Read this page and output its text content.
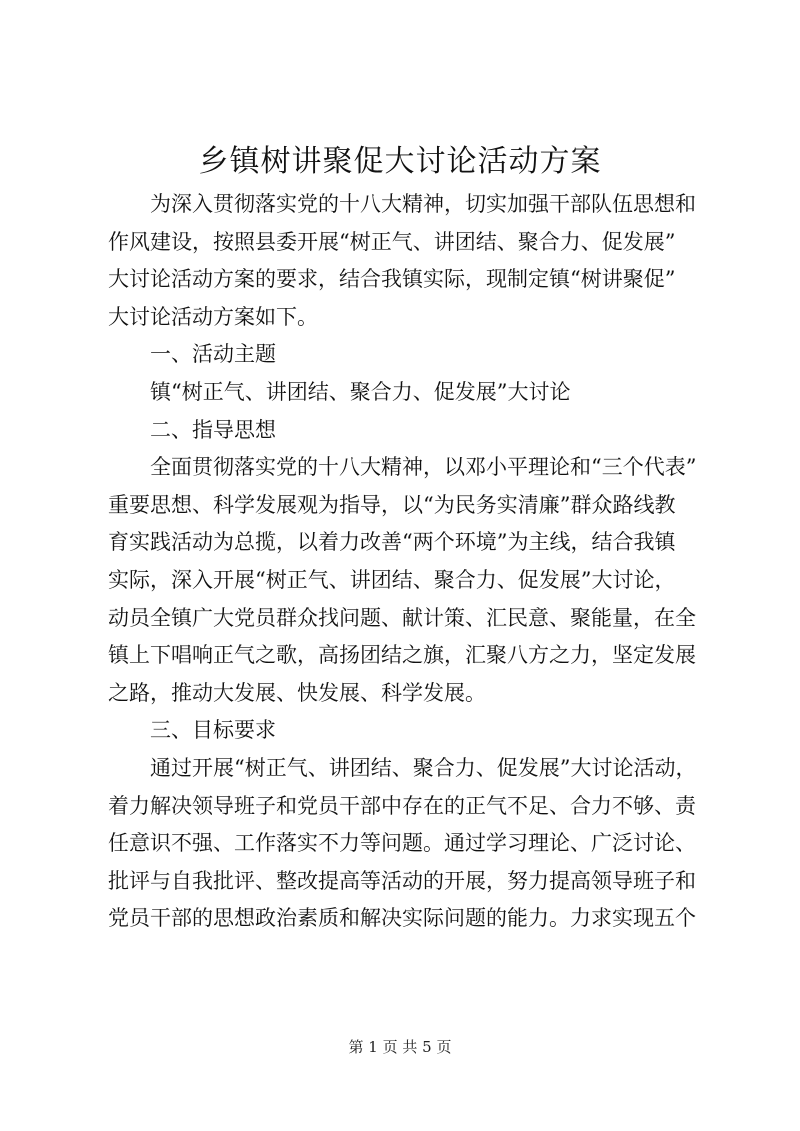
乡镇树讲聚促大讨论活动方案
为深入贯彻落实党的十八大精神，切实加强干部队伍思想和
作风建设，按照县委开展“树正气、讲团结、聚合力、促发展”
大讨论活动方案的要求，结合我镇实际，现制定镇“树讲聚促”
大讨论活动方案如下。
一、活动主题
镇“树正气、讲团结、聚合力、促发展”大讨论
二、指导思想
全面贯彻落实党的十八大精神，以邓小平理论和“三个代表”
重要思想、科学发展观为指导，以“为民务实清廉”群众路线教
育实践活动为总揽，以着力改善“两个环境”为主线，结合我镇
实际，深入开展“树正气、讲团结、聚合力、促发展”大讨论，
动员全镇广大党员群众找问题、献计策、汇民意、聚能量，在全
镇上下唱响正气之歌，高扬团结之旗，汇聚八方之力，坚定发展
之路，推动大发展、快发展、科学发展。
三、目标要求
通过开展“树正气、讲团结、聚合力、促发展”大讨论活动，
着力解决领导班子和党员干部中存在的正气不足、合力不够、责
任意识不强、工作落实不力等问题。通过学习理论、广泛讨论、
批评与自我批评、整改提高等活动的开展，努力提高领导班子和
党员干部的思想政治素质和解决实际问题的能力。力求实现五个
第 1 页 共 5 页
